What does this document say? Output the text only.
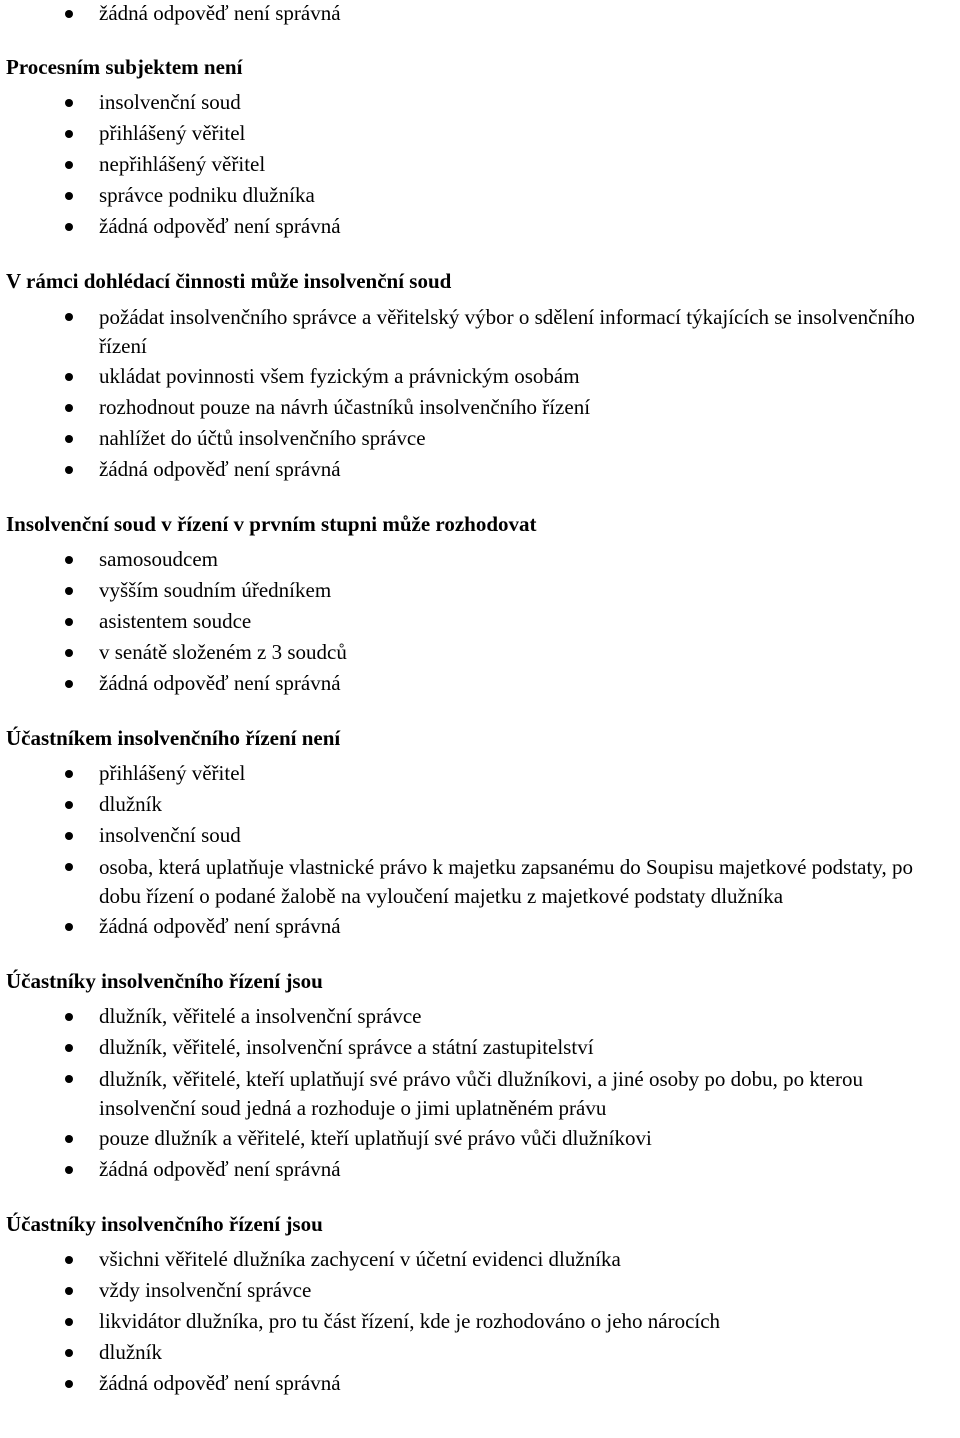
žádná odpověď není správná

Procesním subjektem není

insolvenční soud
přihlášený věřitel
nepřihlášený věřitel
správce podniku dlužníka
žádná odpověď není správná

V rámci dohlédací činnosti může insolvenční soud

požádat insolvenčního správce a věřitelský výbor o sdělení informací týkajících se insolvenčního řízení
ukládat povinnosti všem fyzickým a právnickým osobám
rozhodnout pouze na návrh účastníků insolvenčního řízení
nahlížet do účtů insolvenčního správce
žádná odpověď není správná

Insolvenční soud v řízení v prvním stupni může rozhodovat

samosoudcem
vyšším soudním úředníkem
asistentem soudce
v senátě složeném z 3 soudců
žádná odpověď není správná

Účastníkem insolvenčního řízení není

přihlášený věřitel
dlužník
insolvenční soud
osoba, která uplatňuje vlastnické právo k majetku zapsanému do Soupisu majetkové podstaty, po dobu řízení o podané žalobě na vyloučení majetku z majetkové podstaty dlužníka
žádná odpověď není správná

Účastníky insolvenčního řízení jsou

dlužník, věřitelé a insolvenční správce
dlužník, věřitelé, insolvenční správce a státní zastupitelství
dlužník, věřitelé, kteří uplatňují své právo vůči dlužníkovi, a jiné osoby po dobu, po kterou insolvenční soud jedná a rozhoduje o jimi uplatněném právu
pouze dlužník a věřitelé, kteří uplatňují své právo vůči dlužníkovi
žádná odpověď není správná

Účastníky insolvenčního řízení jsou

všichni věřitelé dlužníka zachycení v účetní evidenci dlužníka
vždy insolvenční správce
likvidátor dlužníka, pro tu část řízení, kde je rozhodováno o jeho nárocích
dlužník
žádná odpověď není správná
